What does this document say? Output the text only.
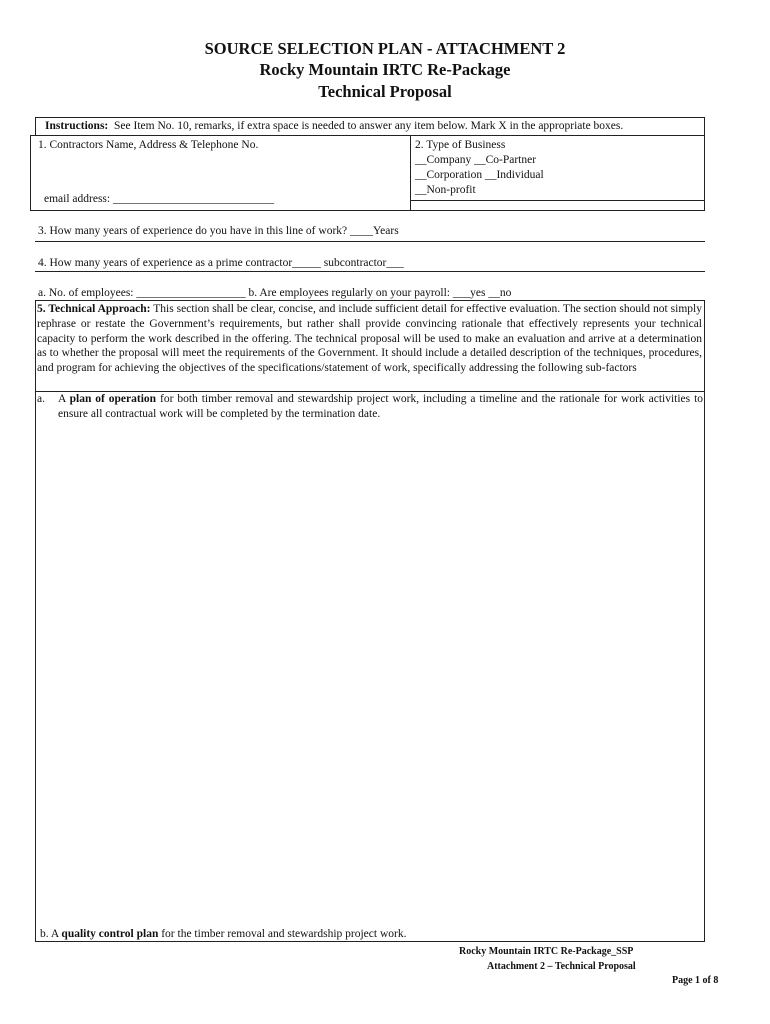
SOURCE SELECTION PLAN - ATTACHMENT 2
Rocky Mountain IRTC Re-Package
Technical Proposal
Instructions: See Item No. 10, remarks, if extra space is needed to answer any item below. Mark X in the appropriate boxes.
1. Contractors Name, Address & Telephone No.
email address: ____________________________
2. Type of Business
__Company __Co-Partner
__Corporation __Individual
__Non-profit
3. How many years of experience do you have in this line of work? ____Years
4. How many years of experience as a prime contractor_____ subcontractor___
a. No. of employees: ___________________ b. Are employees regularly on your payroll: ___yes __no
5. Technical Approach: This section shall be clear, concise, and include sufficient detail for effective evaluation. The section should not simply rephrase or restate the Government’s requirements, but rather shall provide convincing rationale that effectively represents your technical capacity to perform the work described in the offering. The technical proposal will be used to make an evaluation and arrive at a determination as to whether the proposal will meet the requirements of the Government. It should include a detailed description of the techniques, procedures, and program for achieving the objectives of the specifications/statement of work, specifically addressing the following sub-factors
a. A plan of operation for both timber removal and stewardship project work, including a timeline and the rationale for work activities to ensure all contractual work will be completed by the termination date.
b. A quality control plan for the timber removal and stewardship project work.
Rocky Mountain IRTC Re-Package_SSP
Attachment 2 – Technical Proposal
Page 1 of 8
